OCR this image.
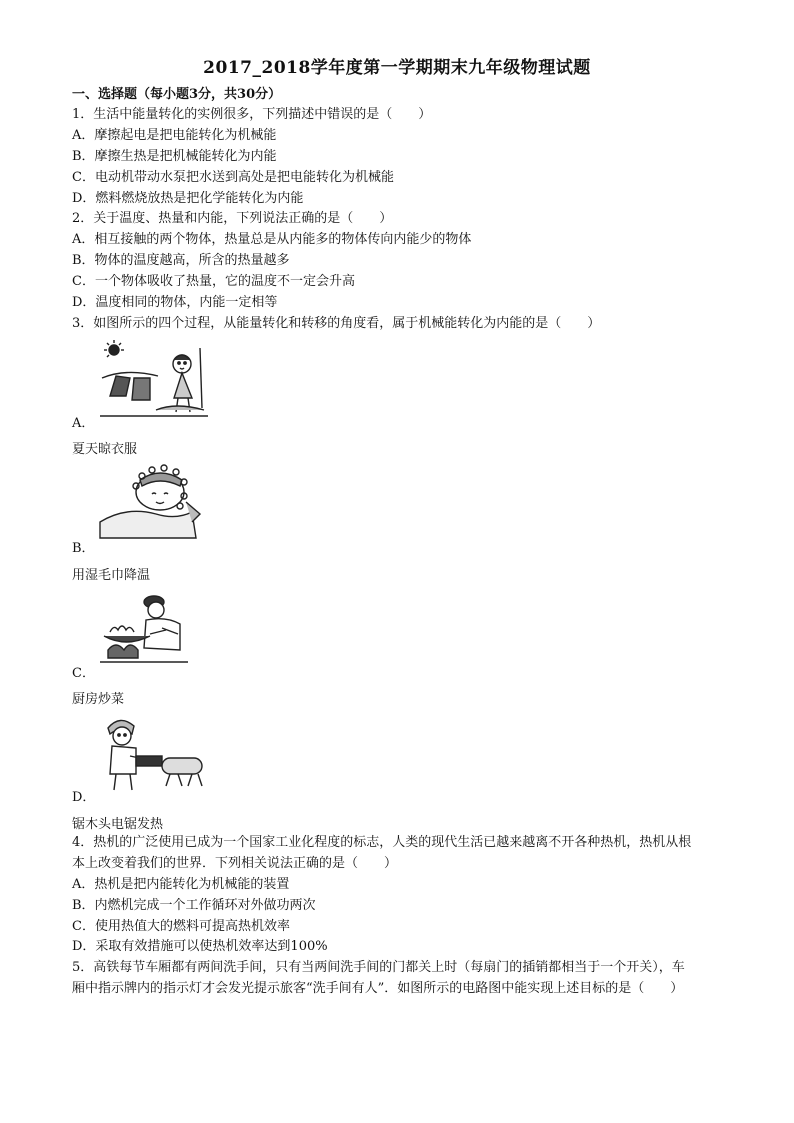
2017_2018学年度第一学期期末九年级物理试题
一、选择题（每小题3分，共30分）
1．生活中能量转化的实例很多，下列描述中错误的是（　　）
A．摩擦起电是把电能转化为机械能
B．摩擦生热是把机械能转化为内能
C．电动机带动水泵把水送到高处是把电能转化为机械能
D．燃料燃烧放热是把化学能转化为内能
2．关于温度、热量和内能，下列说法正确的是（　　）
A．相互接触的两个物体，热量总是从内能多的物体传向内能少的物体
B．物体的温度越高，所含的热量越多
C．一个物体吸收了热量，它的温度不一定会升高
D．温度相同的物体，内能一定相等
3．如图所示的四个过程，从能量转化和转移的角度看，属于机械能转化为内能的是（　　）
A．
夏天晾衣服
B．
用湿毛巾降温
C．
厨房炒菜
D．
锯木头电锯发热
4．热机的广泛使用已成为一个国家工业化程度的标志，人类的现代生活已越来越离不开各种热机，热机从根
本上改变着我们的世界．下列相关说法正确的是（　　）
A．热机是把内能转化为机械能的装置
B．内燃机完成一个工作循环对外做功两次
C．使用热值大的燃料可提高热机效率
D．采取有效措施可以使热机效率达到100%
5．高铁每节车厢都有两间洗手间，只有当两间洗手间的门都关上时（每扇门的插销都相当于一个开关），车
厢中指示牌内的指示灯才会发光提示旅客“洗手间有人”．如图所示的电路图中能实现上述目标的是（　　）
